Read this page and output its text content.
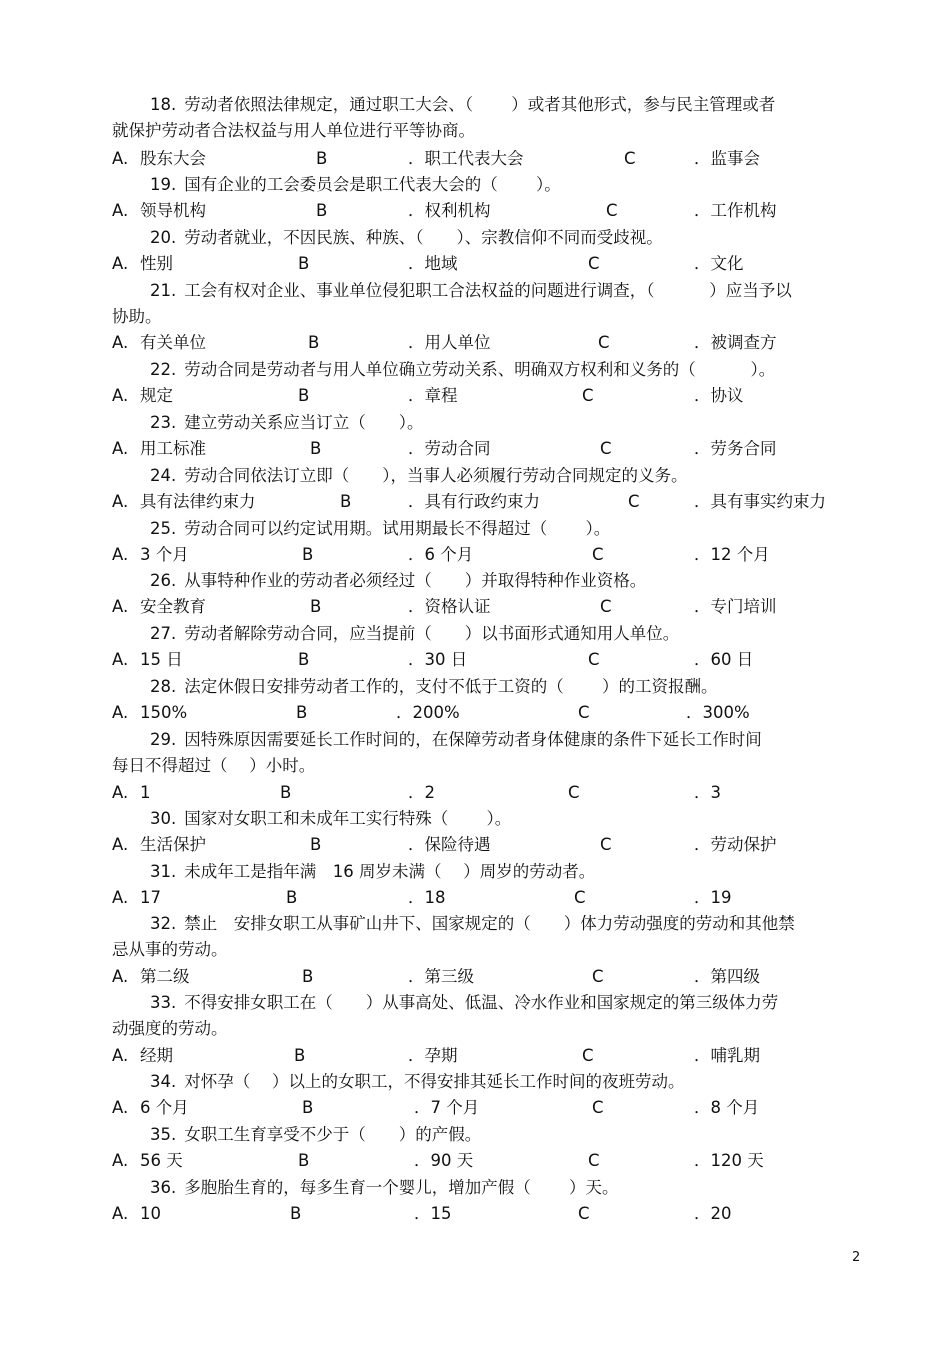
18. 劳动者依照法律规定，通过职工大会、（　　 ）或者其他形式，参与民主管理或者
就保护劳动者合法权益与用人单位进行平等协商。
A. 股东大会	B	．职工代表大会	C	．监事会
19. 国有企业的工会委员会是职工代表大会的（　　 ）。
A. 领导机构	B	．权利机构	C	．工作机构
20. 劳动者就业，不因民族、种族、（　　）、宗教信仰不同而受歧视。
A. 性别	B	．地域	C	．文化
21. 工会有权对企业、事业单位侵犯职工合法权益的问题进行调查，（　　　 ）应当予以
协助。
A. 有关单位	B	．用人单位	C	．被调查方
22. 劳动合同是劳动者与用人单位确立劳动关系、明确双方权利和义务的（　　　 ）。
A. 规定	B	．章程	C	．协议
23. 建立劳动关系应当订立（　　）。
A. 用工标准	B	．劳动合同	C	．劳务合同
24. 劳动合同依法订立即（　　），当事人必须履行劳动合同规定的义务。
A. 具有法律约束力	B	．具有行政约束力	C	．具有事实约束力
25. 劳动合同可以约定试用期。试用期最长不得超过（　　 ）。
A. 3 个月	B	．6 个月	C	．12 个月
26. 从事特种作业的劳动者必须经过（　　）并取得特种作业资格。
A. 安全教育	B	．资格认证	C	．专门培训
27. 劳动者解除劳动合同，应当提前（　　）以书面形式通知用人单位。
A. 15 日	B	．30 日	C	．60 日
28. 法定休假日安排劳动者工作的，支付不低于工资的（　　 ）的工资报酬。
A. 150%	B	．200%	C	．300%
29. 因特殊原因需要延长工作时间的，在保障劳动者身体健康的条件下延长工作时间
每日不得超过（　 ）小时。
A. 1	B	．2	C	．3
30. 国家对女职工和未成年工实行特殊（　　 ）。
A. 生活保护	B	．保险待遇	C	．劳动保护
31. 未成年工是指年满　16 周岁未满（　 ）周岁的劳动者。
A. 17	B	．18	C	．19
32. 禁止　安排女职工从事矿山井下、国家规定的（　　）体力劳动强度的劳动和其他禁
忌从事的劳动。
A. 第二级	B	．第三级	C	．第四级
33. 不得安排女职工在（　　）从事高处、低温、冷水作业和国家规定的第三级体力劳
动强度的劳动。
A. 经期	B	．孕期	C	．哺乳期
34. 对怀孕（　 ）以上的女职工，不得安排其延长工作时间的夜班劳动。
A. 6 个月	B	．7 个月	C	．8 个月
35. 女职工生育享受不少于（　　）的产假。
A. 56 天	B	．90 天	C	．120 天
36. 多胞胎生育的，每多生育一个婴儿，增加产假（　　 ）天。
A. 10	B	．15	C	．20
2
